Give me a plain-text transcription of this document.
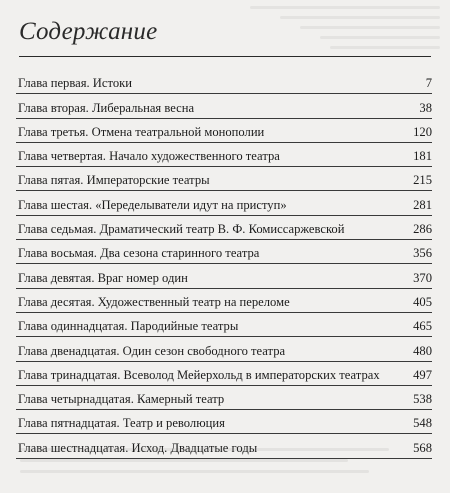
Содержание
Глава первая. Истоки	7
Глава вторая. Либеральная весна	38
Глава третья. Отмена театральной монополии	120
Глава четвертая. Начало художественного театра	181
Глава пятая. Императорские театры	215
Глава шестая. «Переделыватели идут на приступ»	281
Глава седьмая. Драматический театр В. Ф. Комиссаржевской	286
Глава восьмая. Два сезона старинного театра	356
Глава девятая. Враг номер один	370
Глава десятая. Художественный театр на переломе	405
Глава одиннадцатая. Пародийные театры	465
Глава двенадцатая. Один сезон свободного театра	480
Глава тринадцатая. Всеволод Мейерхольд в императорских театрах	497
Глава четырнадцатая. Камерный театр	538
Глава пятнадцатая. Театр и революция	548
Глава шестнадцатая. Исход. Двадцатые годы	568
